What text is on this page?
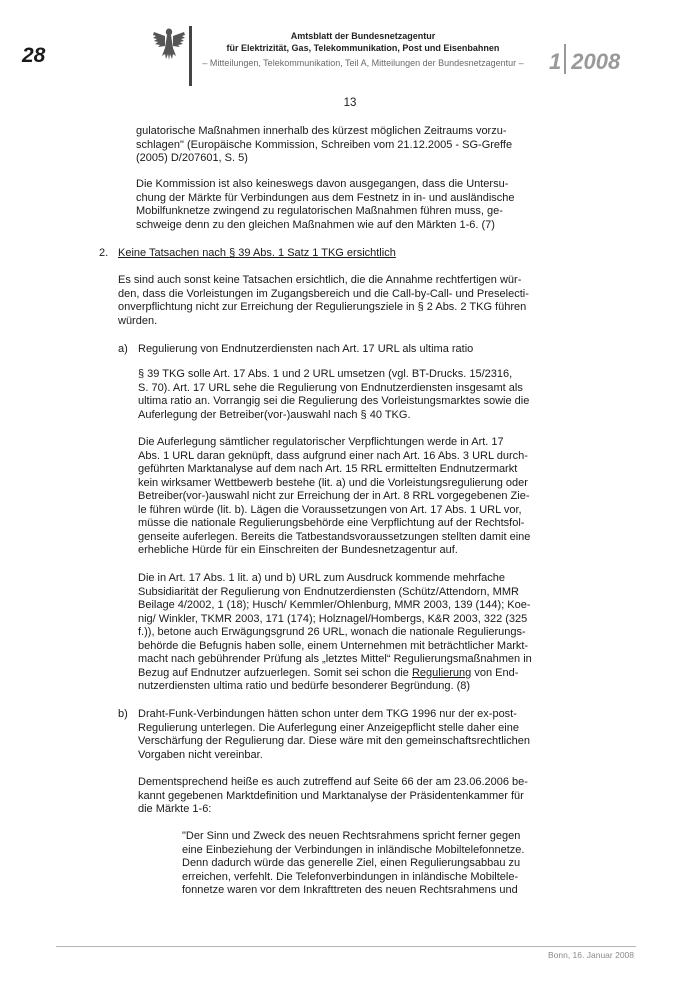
28
Amtsblatt der Bundesnetzagentur
für Elektrizität, Gas, Telekommunikation, Post und Eisenbahnen
– Mitteilungen, Telekommunikation, Teil A, Mitteilungen der Bundesnetzagentur – 1 2008
13

gulatorische Maßnahmen innerhalb des kürzest möglichen Zeitraums vorzu-

schlagen" (Europäische Kommission, Schreiben vom 21.12.2005 - SG-Greffe

(2005) D/207601, S. 5)

Die Kommission ist also keineswegs davon ausgegangen, dass die Untersu-

chung der Märkte für Verbindungen aus dem Festnetz in in- und ausländische

Mobilfunknetze zwingend zu regulatorischen Maßnahmen führen muss, ge-

schweige denn zu den gleichen Maßnahmen wie auf den Märkten 1-6. (7)

2. Keine Tatsachen nach § 39 Abs. 1 Satz 1 TKG ersichtlich

Es sind auch sonst keine Tatsachen ersichtlich, die die Annahme rechtfertigen wür-

den, dass die Vorleistungen im Zugangsbereich und die Call-by-Call- und Preselecti-

onverpflichtung nicht zur Erreichung der Regulierungsziele in § 2 Abs. 2 TKG führen

würden.

a) Regulierung von Endnutzerdiensten nach Art. 17 URL als ultima ratio

§ 39 TKG solle Art. 17 Abs. 1 und 2 URL umsetzen (vgl. BT-Drucks. 15/2316,

S. 70). Art. 17 URL sehe die Regulierung von Endnutzerdiensten insgesamt als

ultima ratio an. Vorrangig sei die Regulierung des Vorleistungsmarktes sowie die

Auferlegung der Betreiber(vor-)auswahl nach § 40 TKG.

Die Auferlegung sämtlicher regulatorischer Verpflichtungen werde in Art. 17

Abs. 1 URL daran geknüpft, dass aufgrund einer nach Art. 16 Abs. 3 URL durch-

geführten Marktanalyse auf dem nach Art. 15 RRL ermittelten Endnutzermarkt

kein wirksamer Wettbewerb bestehe (lit. a) und die Vorleistungsregulierung oder

Betreiber(vor-)auswahl nicht zur Erreichung der in Art. 8 RRL vorgegebenen Zie-

le führen würde (lit. b). Lägen die Voraussetzungen von Art. 17 Abs. 1 URL vor,

müsse die nationale Regulierungsbehörde eine Verpflichtung auf der Rechtsfol-

genseite auferlegen. Bereits die Tatbestandsvoraussetzungen stellten damit eine

erhebliche Hürde für ein Einschreiten der Bundesnetzagentur auf.

Die in Art. 17 Abs. 1 lit. a) und b) URL zum Ausdruck kommende mehrfache

Subsidiarität der Regulierung von Endnutzerdiensten (Schütz/Attendorn, MMR

Beilage 4/2002, 1 (18); Husch/ Kemmler/Ohlenburg, MMR 2003, 139 (144); Koe-

nig/ Winkler, TKMR 2003, 171 (174); Holznagel/Hombergs, K&R 2003, 322 (325

f.)), betone auch Erwägungsgrund 26 URL, wonach die nationale Regulierungs-

behörde die Befugnis haben solle, einem Unternehmen mit beträchtlicher Markt-

macht nach gebührender Prüfung als „letztes Mittel“ Regulierungsmaßnahmen in

Bezug auf Endnutzer aufzuerlegen. Somit sei schon die Regulierung von End-

nutzerdiensten ultima ratio und bedürfe besonderer Begründung. (8)

b) Draht-Funk-Verbindungen hätten schon unter dem TKG 1996 nur der ex-post-

Regulierung unterlegen. Die Auferlegung einer Anzeigepflicht stelle daher eine

Verschärfung der Regulierung dar. Diese wäre mit den gemeinschaftsrechtlichen

Vorgaben nicht vereinbar.

Dementsprechend heiße es auch zutreffend auf Seite 66 der am 23.06.2006 be-

kannt gegebenen Marktdefinition und Marktanalyse der Präsidentenkammer für

die Märkte 1-6:

"Der Sinn und Zweck des neuen Rechtsrahmens spricht ferner gegen

eine Einbeziehung der Verbindungen in inländische Mobiltelefonnetze.

Denn dadurch würde das generelle Ziel, einen Regulierungsabbau zu

erreichen, verfehlt. Die Telefonverbindungen in inländische Mobiltele-

fonnetze waren vor dem Inkrafttreten des neuen Rechtsrahmens und

Bonn, 16. Januar 2008
